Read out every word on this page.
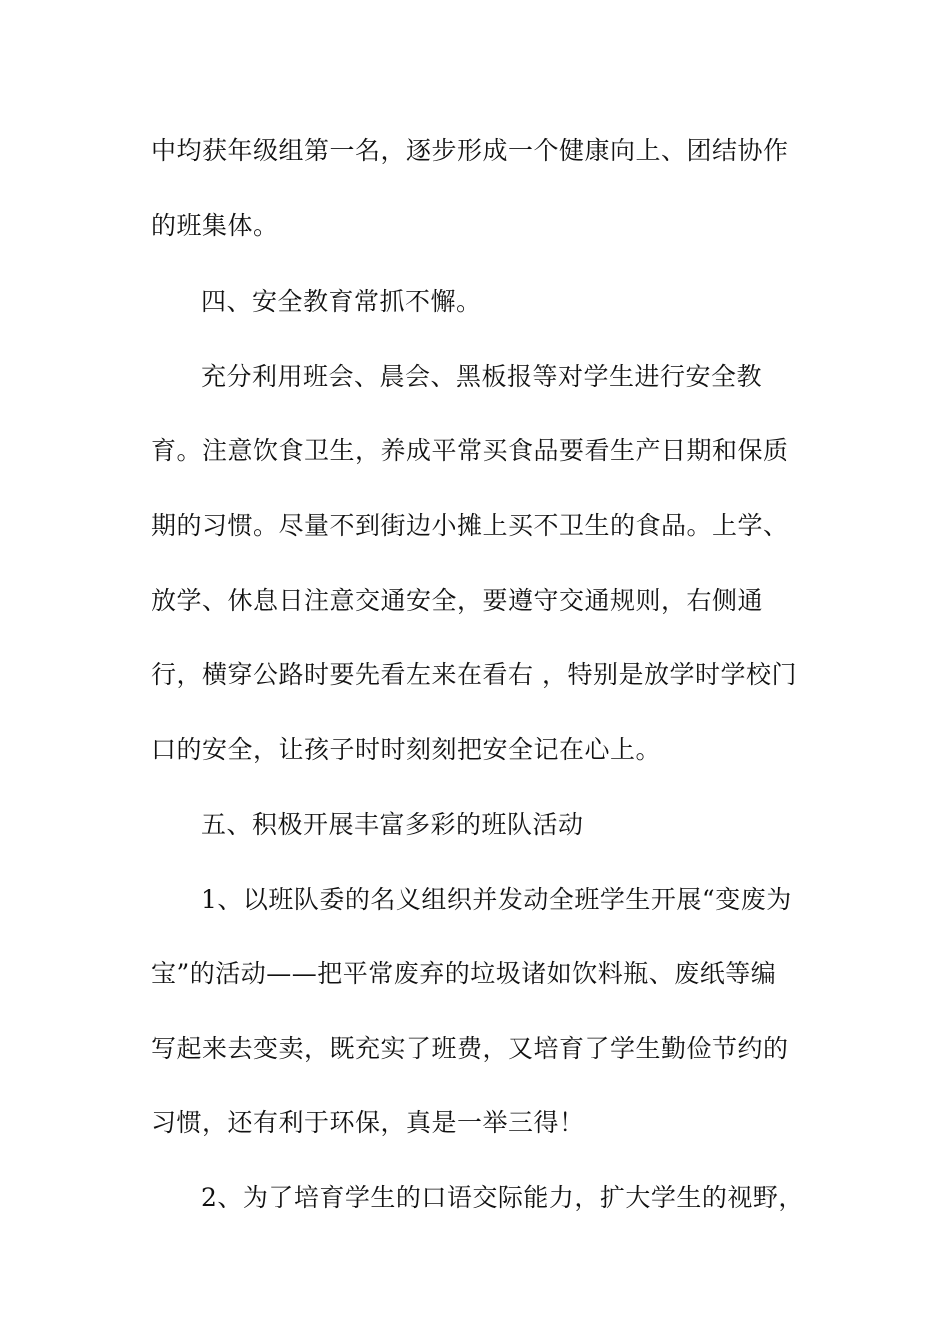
中均获年级组第一名，逐步形成一个健康向上、团结协作

的班集体。

四、安全教育常抓不懈。

充分利用班会、晨会、黑板报等对学生进行安全教

育。注意饮食卫生，养成平常买食品要看生产日期和保质

期的习惯。尽量不到街边小摊上买不卫生的食品。上学、

放学、休息日注意交通安全，要遵守交通规则，右侧通

行，横穿公路时要先看左来在看右 ，特别是放学时学校门

口的安全，让孩子时时刻刻把安全记在心上。

五、积极开展丰富多彩的班队活动

1、以班队委的名义组织并发动全班学生开展“变废为

宝”的活动——把平常废弃的垃圾诸如饮料瓶、废纸等编

写起来去变卖，既充实了班费，又培育了学生勤俭节约的

习惯，还有利于环保，真是一举三得！

2、为了培育学生的口语交际能力，扩大学生的视野，
